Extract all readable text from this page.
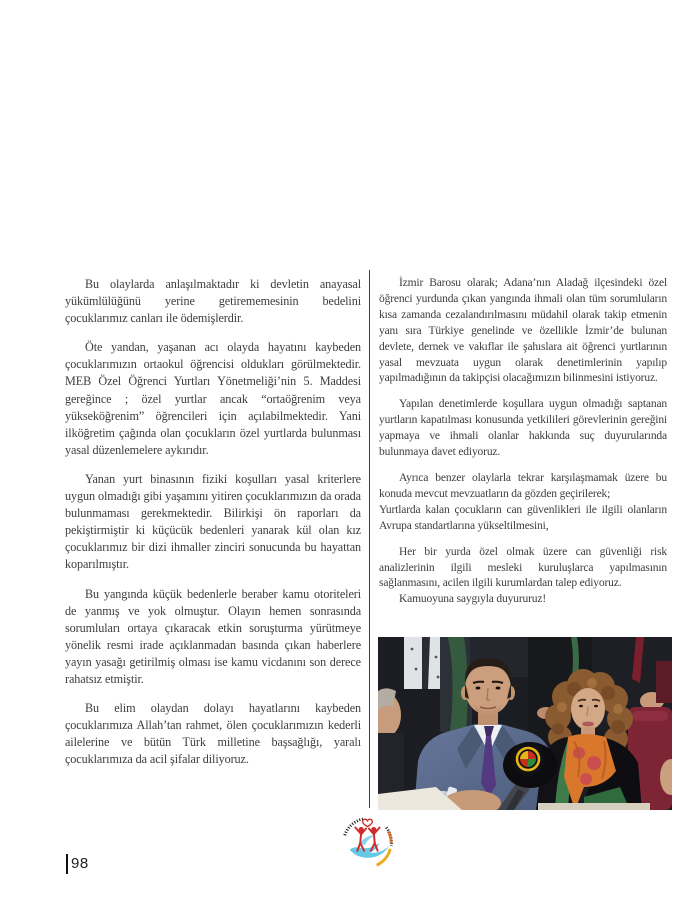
Bu olaylarda anlaşılmaktadır ki devletin anayasal yükümlülüğünü yerine getirememesinin bedelini çocuklarımız canları ile ödemişlerdir.

Öte yandan, yaşanan acı olayda hayatını kaybeden çocuklarımızın ortaokul öğrencisi oldukları görülmektedir. MEB Özel Öğrenci Yurtları Yönetmeliği’nin 5. Maddesi gereğince ; özel yurtlar ancak “ortaöğrenim veya yükseköğrenim” öğrencileri için açılabilmektedir. Yani ilköğretim çağında olan çocukların özel yurtlarda bulunması yasal düzenlemelere aykırıdır.

Yanan yurt binasının fiziki koşulları yasal kriterlere uygun olmadığı gibi yaşamını yitiren çocuklarımızın da orada bulunmaması gerekmektedir. Bilirkişi ön raporları da pekiştirmiştir ki küçücük bedenleri yanarak kül olan kız çocuklarımız bir dizi ihmaller zinciri sonucunda bu hayattan koparılmıştır.

Bu yangında küçük bedenlerle beraber kamu otoriteleri de yanmış ve yok olmuştur. Olayın hemen sonrasında sorumluları ortaya çıkaracak etkin soruşturma yürütmeye yönelik resmi irade açıklanmadan basında çıkan haberlere yayın yasağı getirilmiş olması ise kamu vicdanını son derece rahatsız etmiştir.

Bu elim olaydan dolayı hayatlarını kaybeden çocuklarımıza Allah’tan rahmet, ölen çocuklarımızın kederli ailelerine ve bütün Türk milletine başsağlığı, yaralı çocuklarımıza da acil şifalar diliyoruz.

İzmir Barosu olarak; Adana’nın Aladağ ilçesindeki özel öğrenci yurdunda çıkan yangında ihmali olan tüm sorumluların kısa zamanda cezalandırılmasını müdahil olarak takip etmenin yanı sıra Türkiye genelinde ve özellikle İzmir’de bulunan devlete, dernek ve vakıflar ile şahıslara ait öğrenci yurtlarının yasal mevzuata uygun olarak denetimlerinin yapılıp yapılmadığının da takipçisi olacağımızın bilinmesini istiyoruz.

Yapılan denetimlerde koşullara uygun olmadığı saptanan yurtların kapatılması konusunda yetkilileri görevlerinin gereğini yapmaya ve ihmali olanlar hakkında suç duyurularında bulunmaya davet ediyoruz.

Ayrıca benzer olaylarla tekrar karşılaşmamak üzere bu konuda mevcut mevzuatların da gözden geçirilerek;

Yurtlarda kalan çocukların can güvenlikleri ile ilgili olanların Avrupa standartlarına yükseltilmesini,

Her bir yurda özel olmak üzere can güvenliği risk analizlerinin ilgili mesleki kuruluşlarca yapılmasının sağlanmasını, acilen ilgili kurumlardan talep ediyoruz.

Kamuoyuna saygıyla duyururuz!

98
